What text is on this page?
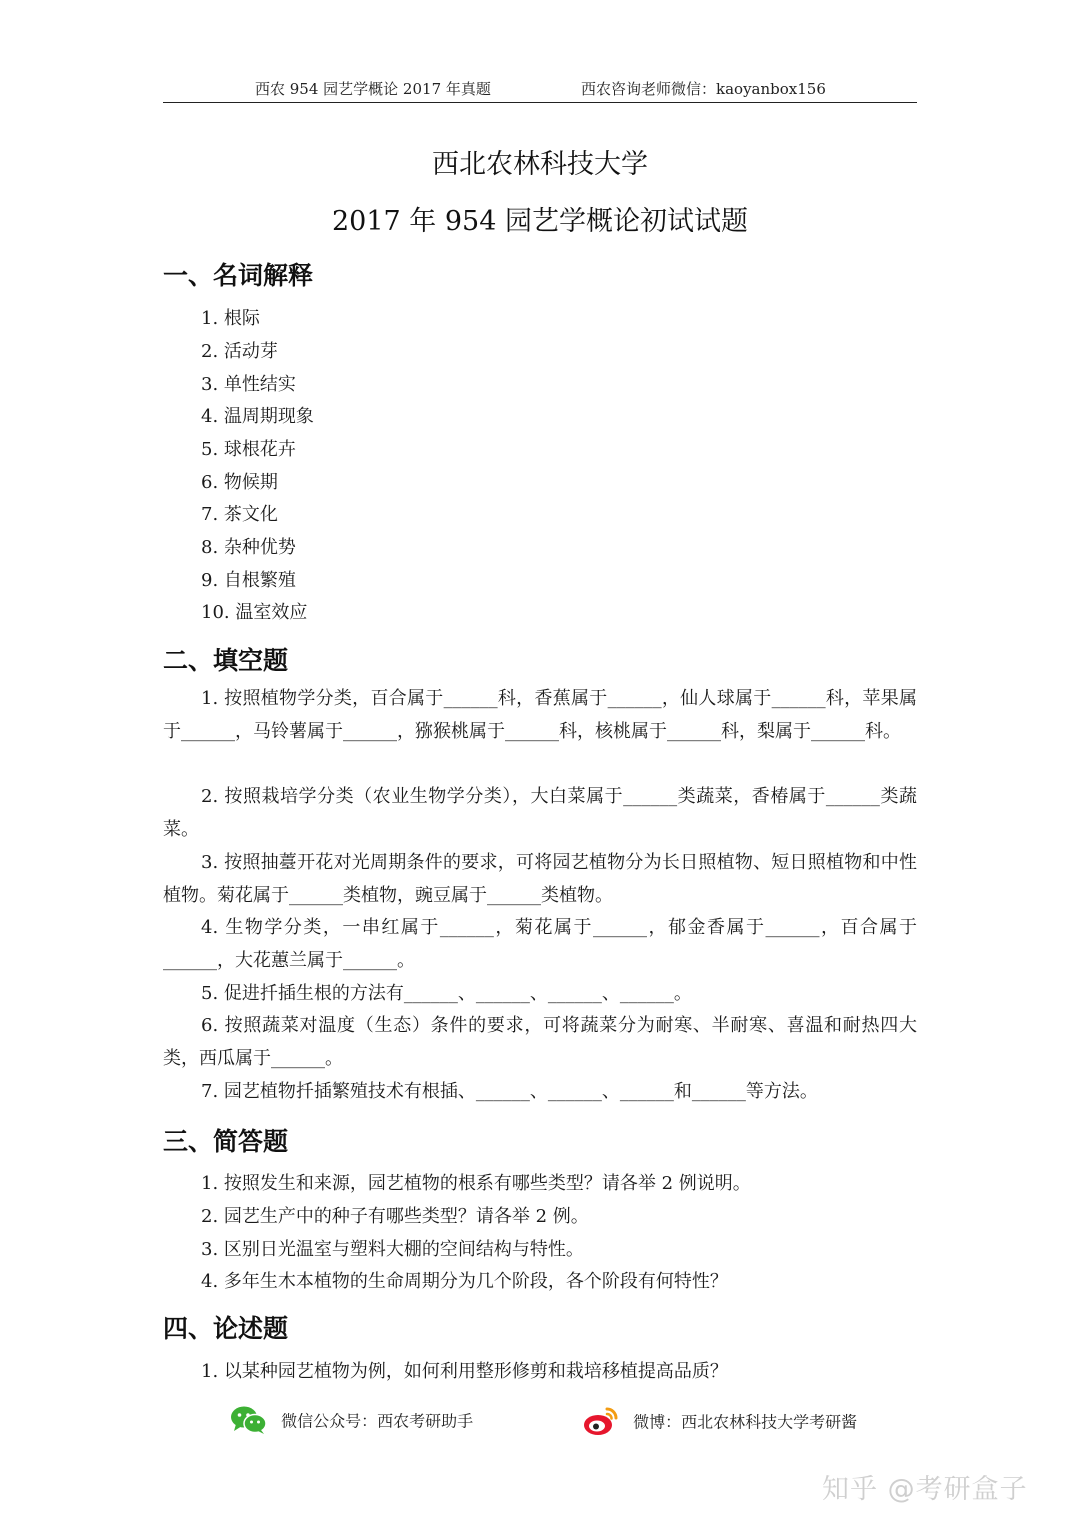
西农 954 园艺学概论 2017 年真题	西农咨询老师微信：kaoyanbox156
西北农林科技大学
2017 年 954 园艺学概论初试试题
一、名词解释
1. 根际
2. 活动芽
3. 单性结实
4. 温周期现象
5. 球根花卉
6. 物候期
7. 茶文化
8. 杂种优势
9. 自根繁殖
10. 温室效应
二、填空题
1. 按照植物学分类，百合属于______科，香蕉属于______，仙人球属于______科，苹果属于______，马铃薯属于______，猕猴桃属于______科，核桃属于______科，梨属于______科。
2. 按照栽培学分类（农业生物学分类），大白菜属于______类蔬菜，香椿属于______类蔬菜。
3. 按照抽薹开花对光周期条件的要求，可将园艺植物分为长日照植物、短日照植物和中性植物。菊花属于______类植物，豌豆属于______类植物。
4. 生物学分类，一串红属于______，菊花属于______，郁金香属于______，百合属于______，大花蕙兰属于______。
5. 促进扦插生根的方法有______、______、______、______。
6. 按照蔬菜对温度（生态）条件的要求，可将蔬菜分为耐寒、半耐寒、喜温和耐热四大类，西瓜属于______。
7. 园艺植物扦插繁殖技术有根插、______、______、______和______等方法。
三、简答题
1. 按照发生和来源，园艺植物的根系有哪些类型？请各举 2 例说明。
2. 园艺生产中的种子有哪些类型？请各举 2 例。
3. 区别日光温室与塑料大棚的空间结构与特性。
4. 多年生木本植物的生命周期分为几个阶段，各个阶段有何特性？
四、论述题
1. 以某种园艺植物为例，如何利用整形修剪和栽培移植提高品质？
微信公众号：西农考研助手	微博：西北农林科技大学考研酱
知乎 @考研盒子
